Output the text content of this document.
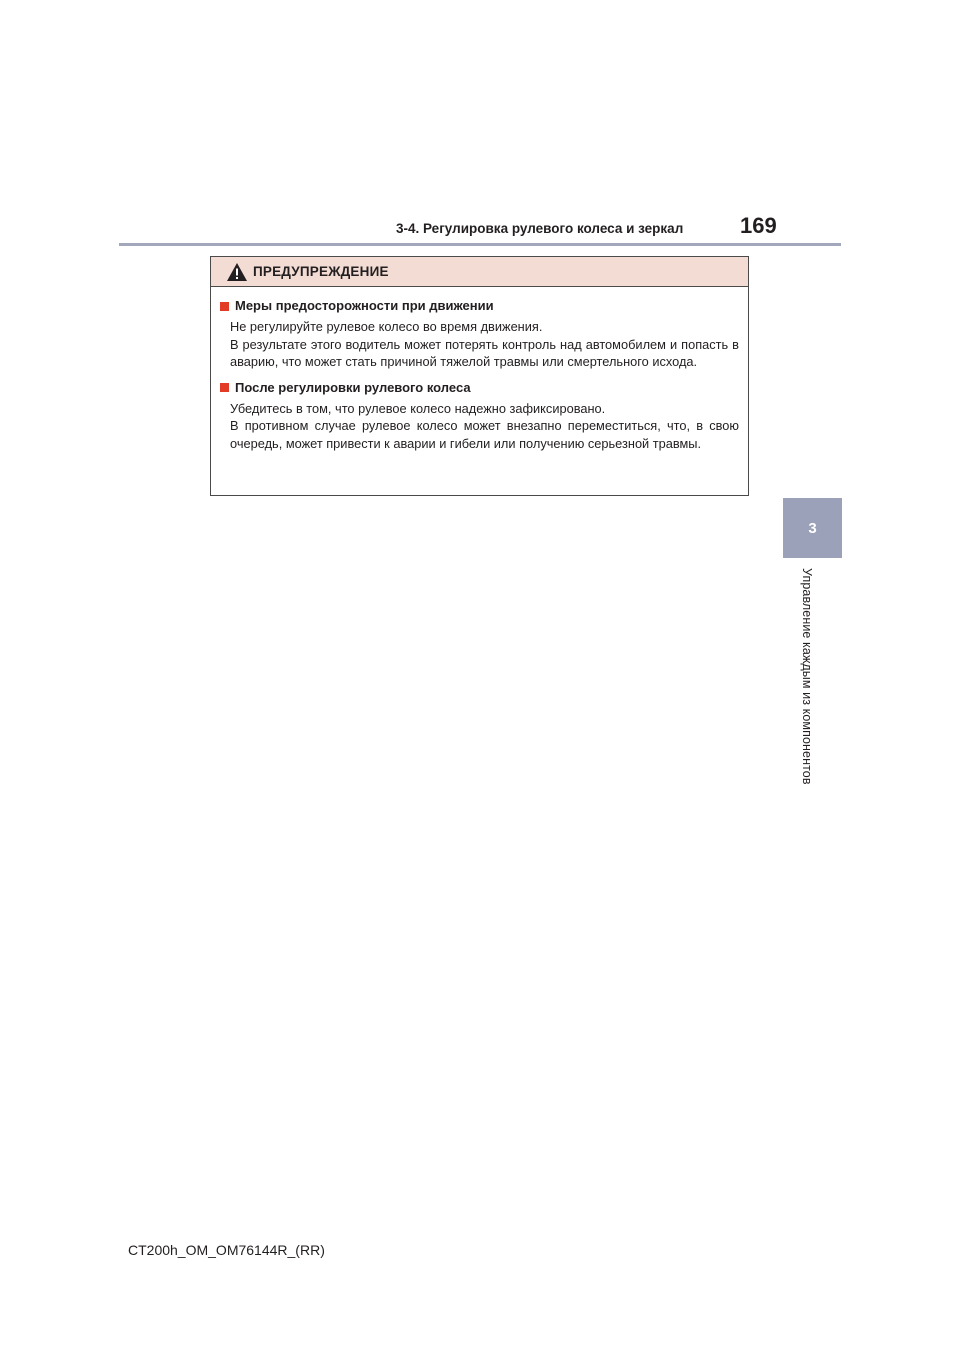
3-4. Регулировка рулевого колеса и зеркал	169
3
Управление каждым из компонентов
ПРЕДУПРЕЖДЕНИЕ
Меры предосторожности при движении

Не регулируйте рулевое колесо во время движения.

В результате этого водитель может потерять контроль над автомобилем и попасть в аварию, что может стать причиной тяжелой травмы или смертельного исхода.

После регулировки рулевого колеса

Убедитесь в том, что рулевое колесо надежно зафиксировано.

В противном случае рулевое колесо может внезапно переместиться, что, в свою очередь, может привести к аварии и гибели или получению серьезной травмы.

CT200h_OM_OM76144R_(RR)
